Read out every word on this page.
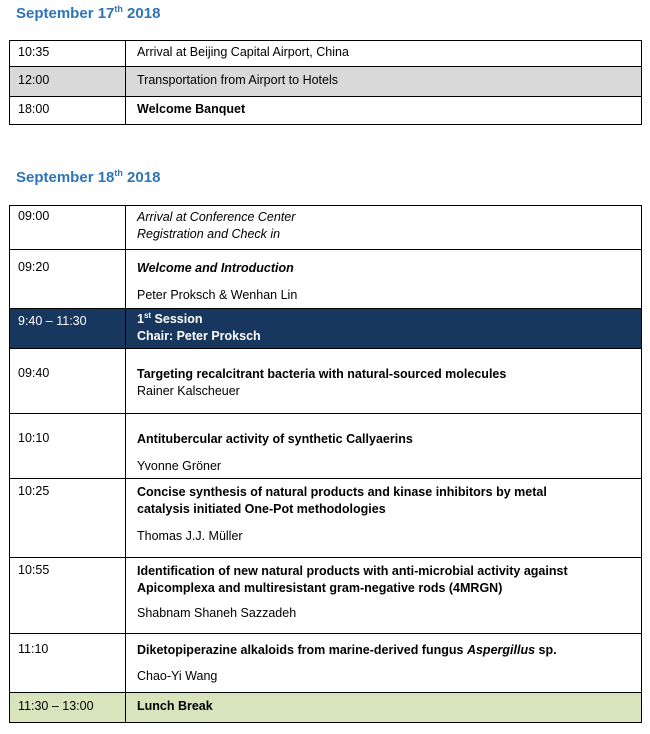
September 17th 2018
10:35	Arrival at Beijing Capital Airport, China
12:00	Transportation from Airport to Hotels
18:00	Welcome Banquet
September 18th 2018
09:00	Arrival at Conference Center
Registration and Check in

09:20	Welcome and Introduction
Peter Proksch & Wenhan Lin

9:40 – 11:30	1st Session
Chair: Peter Proksch

09:40	Targeting recalcitrant bacteria with natural-sourced molecules
Rainer Kalscheuer

10:10	Antitubercular activity of synthetic Callyaerins
Yvonne Gröner

10:25	Concise synthesis of natural products and kinase inhibitors by metal
catalysis initiated One-Pot methodologies
Thomas J.J. Müller

10:55	Identification of new natural products with anti-microbial activity against
Apicomplexa and multiresistant gram-negative rods (4MRGN)
Shabnam Shaneh Sazzadeh

11:10	Diketopiperazine alkaloids from marine-derived fungus Aspergillus sp.
Chao-Yi Wang

11:30 – 13:00	Lunch Break
